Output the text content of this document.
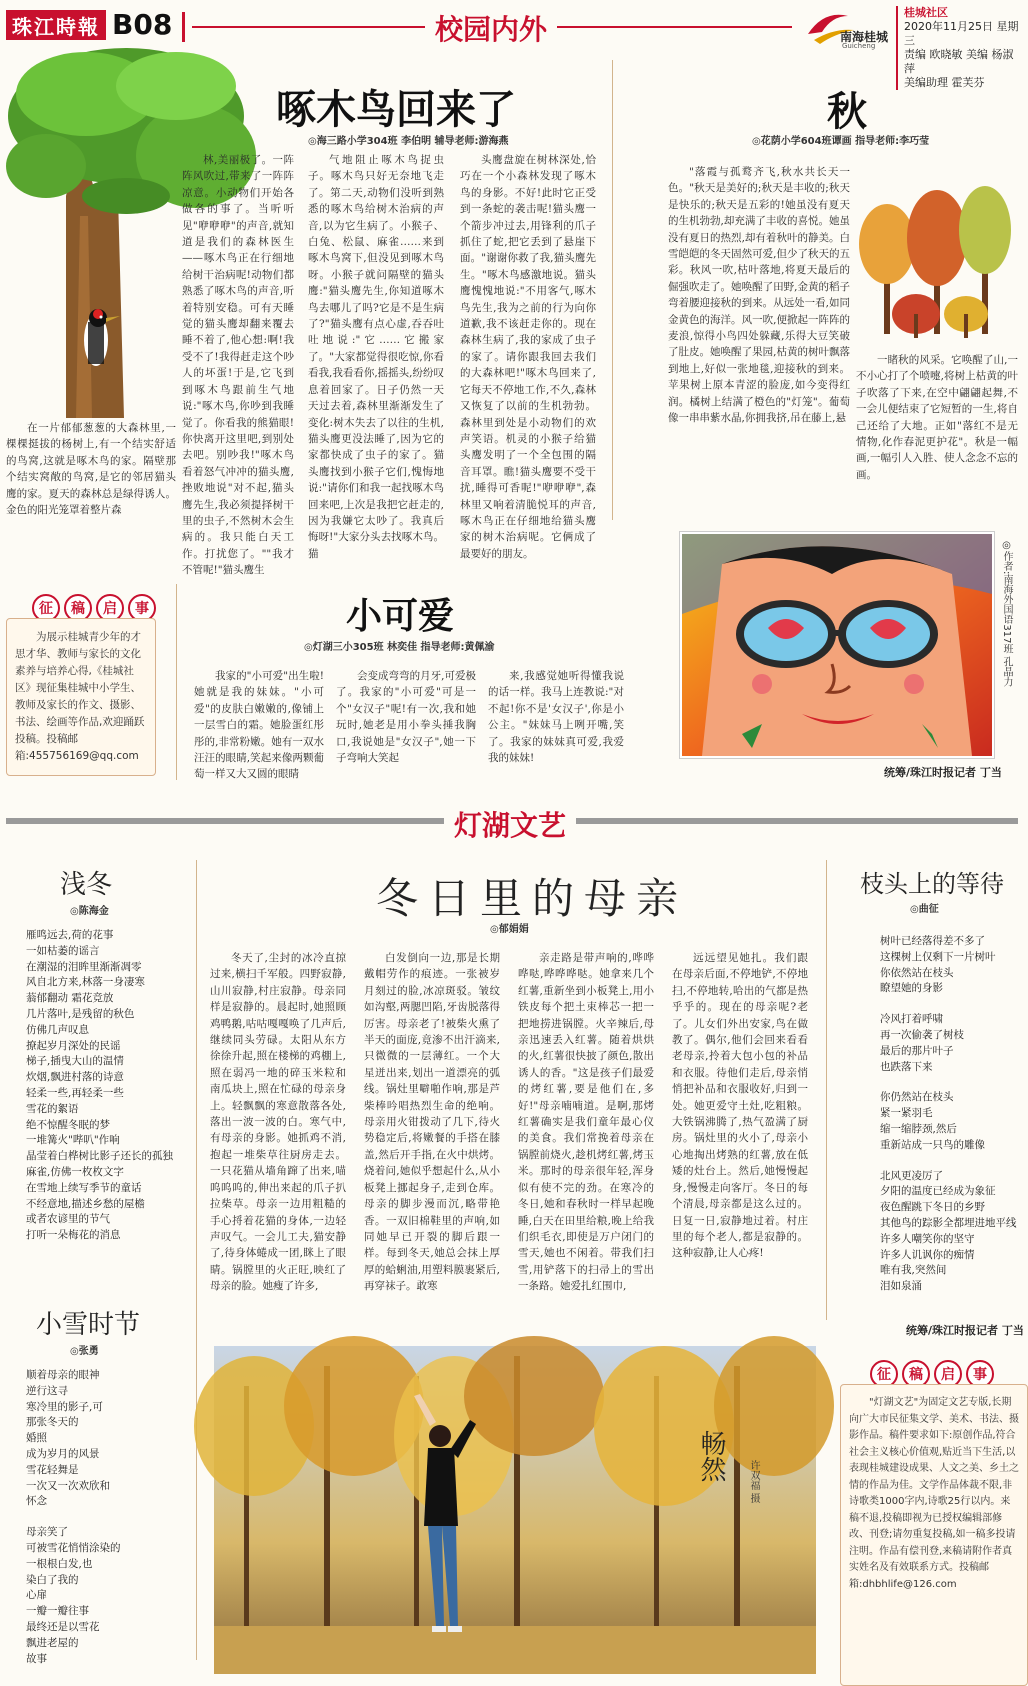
珠江時報 B08	校园内外	南海桂城
Guicheng
桂城社区
2020年11月25日 星期三
责编 欧晓敏 美编 杨淑萍
美编助理 霍芙芬
啄木鸟回来了
◎海三路小学304班 李伯明 辅导老师:游海燕

林,美丽极了。一阵阵风吹过,带来了一阵阵凉意。小动物们开始各做各的事了。当听听见"咿咿咿"的声音,就知道是我们的森林医生——啄木鸟正在行细地给树干治病呢!动物们都熟悉了啄木鸟的声音,听着特别安稳。可有天睡觉的猫头鹰却翻来覆去睡不着了,他心想:啊!我受不了!我得赶走这个吵人的坏蛋!于是,它飞到到啄木鸟跟前生气地说:"啄木鸟,你吵到我睡觉了。你看我的熊猫眼!你快离开这里吧,到别处去吧。别吵我!"啄木鸟看着怒气冲冲的猫头鹰,挫败地说"对不起,猫头鹰先生,我必须提择树干里的虫子,不然树木会生病的。我只能白天工作。打扰您了。""我才不管呢!"猫头鹰生

在一片郁郁葱葱的大森林里,一棵棵挺拔的杨树上,有一个结实舒适的鸟窝,这就是啄木鸟的家。隔壁那个结实窝敞的鸟窝,是它的邻居猫头鹰的家。夏天的森林总是绿得诱人。金色的阳光笼罩着整片森

气地阻止啄木鸟捉虫子。啄木鸟只好无奈地飞走了。第二天,动物们没听到熟悉的啄木鸟给树木治病的声音,以为它生病了。小猴子、白兔、松鼠、麻雀……来到啄木鸟窝下,但没见到啄木鸟呀。小猴子就问隔壁的猫头鹰:"猫头鹰先生,你知道啄木鸟去哪儿了吗?它是不是生病了?"猫头鹰有点心虚,吞吞吐吐地说:"它……它搬家了。"大家都觉得很吃惊,你看看我,我看看你,摇摇头,纷纷叹息着回家了。日子仍然一天天过去着,森林里渐渐发生了变化:树木失去了以往的生机,猫头鹰更没法睡了,因为它的家都快成了虫子的家了。猫头鹰找到小猴子它们,愧悔地说:"请你们和我一起找啄木鸟回来吧,上次是我把它赶走的,因为我嫌它太吵了。我真后悔呀!"大家分头去找啄木鸟。猫

头鹰盘旋在树林深处,恰巧在一个小森林发现了啄木鸟的身影。不好!此时它正受到一条蛇的袭击呢!猫头鹰一个箭步冲过去,用锋利的爪子抓住了蛇,把它丢到了悬崖下面。"谢谢你救了我,猫头鹰先生。"啄木鸟感激地说。猫头鹰愧愧地说:"不用客气,啄木鸟先生,我为之前的行为向你道歉,我不该赶走你的。现在森林生病了,我的家成了虫子的家了。请你跟我回去我们的大森林吧!"啄木鸟回来了,它每天不停地工作,不久,森林又恢复了以前的生机勃勃。森林里到处是小动物们的欢声笑语。机灵的小猴子给猫头鹰发明了一个全包围的隔音耳罩。瞧!猫头鹰要不受干扰,睡得可香呢!"咿咿咿",森林里又响着清脆悦耳的声音,啄木鸟正在仔细地给猫头鹰家的树木治病呢。它俩成了最要好的朋友。

秋
◎花荫小学604班谭画 指导老师:李巧莹

"落霞与孤鹜齐飞,秋水共长天一色。"秋天是美好的;秋天是丰收的;秋天是快乐的;秋天是五彩的!她虽没有夏天的生机勃勃,却充满了丰收的喜悦。她虽没有夏日的热烈,却有着秋叶的静美。白雪皑皑的冬天固然可爱,但少了秋天的五彩。秋风一吹,枯叶落地,将夏天最后的倔强吹走了。她唤醒了田野,金黄的稻子弯着腰迎接秋的到来。从远处一看,如同金黄色的海洋。风一吹,便掀起一阵阵的麦浪,惊得小鸟四处躲藏,乐得大豆笑破了肚皮。她唤醒了果园,枯黄的树叶飘落到地上,好似一张地毯,迎接秋的到来。苹果树上原本青涩的脸庞,如今变得红润。橘树上结满了橙色的"灯笼"。葡萄像一串串紫水晶,你拥我挤,吊在藤上,悬

一睹秋的风采。它唤醒了山,一不小心打了个喷嚏,将树上枯黄的叶子吹落了下来,在空中翩翩起舞,不一会儿便结束了它短暂的一生,将自己还给了大地。正如"落红不是无情物,化作春泥更护花"。秋是一幅画,一幅引人入胜、使人念念不忘的画。

征	稿	启	事
为展示桂城青少年的才思才华、教师与家长的文化素养与培养心得,《桂城社区》现征集桂城中小学生、教师及家长的作文、摄影、书法、绘画等作品,欢迎踊跃投稿。投稿邮箱:455756169@qq.com
小可爱
◎灯湖三小305班 林奕佳 指导老师:黄佩渝

我家的"小可爱"出生啦!她就是我的妹妹。"小可爱"的皮肤白嫩嫩的,像铺上一层雪白的霜。她脸蛋红彤彤的,非常粉嫩。她有一双水汪汪的眼睛,笑起来像两颗葡萄一样又大又圆的眼睛

会变成弯弯的月牙,可爱极了。我家的"小可爱"可是一个"女汉子"呢!有一次,我和她玩时,她老是用小拳头捶我胸口,我说她是"女汉子",她一下子弯响大笑起

来,我感觉她听得懂我说的话一样。我马上连教说:"对不起!你不是'女汉子',你是小公主。"妹妹马上咧开嘴,笑了。我家的妹妹真可爱,我爱我的妹妹!

◎作者:南海外国语317班 孔晶力
统筹/珠江时报记者 丁当
灯湖文艺
浅冬
◎陈海金
雁鸣远去,荷的花事
一如枯萎的谣言
在潮湿的泪眸里渐渐凋零
风自北方来,林落一身凄寒
蓊郁翻动 霜花竞放
几片落叶,是残留的秋色
仿佛几声叹息
撩起岁月深处的民谣
梯子,插曳大山的温情
炊烟,飘进村落的诗意
轻柔一些,再轻柔一些
雪花的絮语
绝不惊醒冬眠的梦
一堆篝火"哔叭"作响
晶莹着白桦树比影子还长的孤独
麻雀,仿佛一枚枚文字
在雪地上续写季节的童话
不经意地,描述乡愁的屋檐
或者农谚里的节气
打听一朵梅花的消息
小雪时节
◎张勇
顺着母亲的眼神
逆行这寻
寒冷里的影子,可
那张冬天的
婚照
成为岁月的风景
雪花轻舞是
一次又一次欢欣和
怀念
母亲笑了
可被雪花悄悄涂染的
一根根白发,也
染白了我的
心扉
一瓣一瓣往事
最终还是以雪花
飘进老屋的
故事
冬日里的母亲
◎郁娟娟

冬天了,尘封的冰冷直掠过来,横扫千军般。四野寂静,山川寂静,村庄寂静。母亲同样是寂静的。晨起时,她照顾鸡鸭鹅,咕咕嘎嘎唤了几声后,继续同头劳碌。太阳从东方徐徐升起,照在楼梯的鸡棚上,照在弱冯一地的碎玉米粒和南瓜块上,照在忙碌的母亲身上。轻飘飘的寒意散落各处,落出一波一波的白。寒气中,有母亲的身影。她抓鸡不消,抱起一堆柴草往厨房走去。一只花猫从墙角蹿了出来,喵呜呜呜的,伸出来起的爪子扒拉柴草。母亲一边用粗糙的手心捋着花猫的身体,一边轻声叹气。一会儿工夫,猫安静了,待身体蜷成一团,眯上了眼睛。锅膛里的火正旺,映红了母亲的脸。她瘦了许多,

白发倒向一边,那是长期戴帽劳作的痕迹。一张被岁月刻过的脸,冰凉斑驳。皱纹如沟壑,两腮凹陷,牙齿脱落得厉害。母亲老了!被柴火熏了半天的面庞,竟渗不出汗滴来,只微微的一层薄红。一个大星迸出来,划出一道漂亮的弧线。锅灶里噼啪作响,那是芦柴棒吟唱热烈生命的绝响。母亲用火钳拨动了几下,待火势稳定后,将嫩餐的手搭在膝盖,然后开手指,在火中烘烤。烧着问,她似乎想起什么,从小板凳上挪起身子,走到仓库。母亲的脚步漫而沉,略带艳香。一双旧棉鞋里的声响,如同她早已开裂的脚后跟一样。每到冬天,她总会抹上厚厚的蛤蜊油,用塑料膜裹紧后,再穿袜子。敢寒

亲走路是带声响的,哗哗哗哒,哗哗哗哒。她拿来几个红薯,重新坐到小板凳上,用小铁皮每个把土束棒芯一把一把地捞进锅膛。火辛辣后,母亲迅速丢入红薯。随着烘烘的火,红薯很快披了颜色,散出诱人的香。"这是孩子们最爱的烤红薯,要是他们在,多好!"母亲喃喃道。是啊,那烤红薯确实是我们童年最心仪的美食。我们常挽着母亲在锅膛前烧火,趁机烤红薯,烤玉米。那时的母亲很年轻,浑身似有使不完的劲。在寒冷的冬日,她和春秋时一样早起晚睡,白天在田里给粮,晚上给我们织毛衣,即使是万户闭门的雪天,她也不闲着。带我们扫雪,用铲落下的扫帚上的雪出一条路。她爱扎红围巾,

远远望见她扎。我们跟在母亲后面,不停地铲,不停地扫,不停地转,哈出的气都是热乎乎的。现在的母亲呢?老了。儿女们外出安家,鸟在做教了。偶尔,他们会回来看看老母亲,拎着大包小包的补品和衣服。待他们走后,母亲悄悄把补品和衣服收好,归到一处。她更爱守土灶,吃粗粮。大铁锅沸腾了,热气盈满了厨房。锅灶里的火小了,母亲小心地掏出烤熟的红薯,放在低矮的灶台上。然后,她慢慢起身,慢慢走向客厅。冬日的每个清晨,母亲都是这么过的。日复一日,寂静地过着。村庄里的每个老人,都是寂静的。这种寂静,让人心疼!

枝头上的等待
◎曲征
树叶已经落得差不多了
这棵树上仅剩下一片树叶
你依然站在枝头
瞭望她的身影
冷风打着呼啸
再一次偷袭了树枝
最后的那片叶子
也跌落下来
你仍然站在枝头
紧一紧羽毛
缩一缩脖颈,然后
重新站成一只鸟的雕像
北风更凌厉了
夕阳的温度已经成为象征
夜色醒跳下冬日的乡野
其他鸟的踪影全都埋进地平线
许多人嘲笑你的坚守
许多人讥讽你的痴情
唯有我,突然间
泪如泉涌
统筹/珠江时报记者 丁当
畅然 许双福 摄
征	稿	启	事
"灯湖文艺"为固定文艺专版,长期向广大市民征集文学、美术、书法、摄影作品。稿件要求如下:原创作品,符合社会主义核心价值观,贴近当下生活,以表现桂城建设成果、人文之美、乡土之情的作品为佳。文学作品体裁不限,非诗歌类1000字内,诗歌25行以内。来稿不退,投稿即视为已授权编辑部修改、刊登;请勿重复投稿,如一稿多投请注明。作品有偿刊登,来稿请附作者真实姓名及有效联系方式。投稿邮箱:dhbhlife@126.com
